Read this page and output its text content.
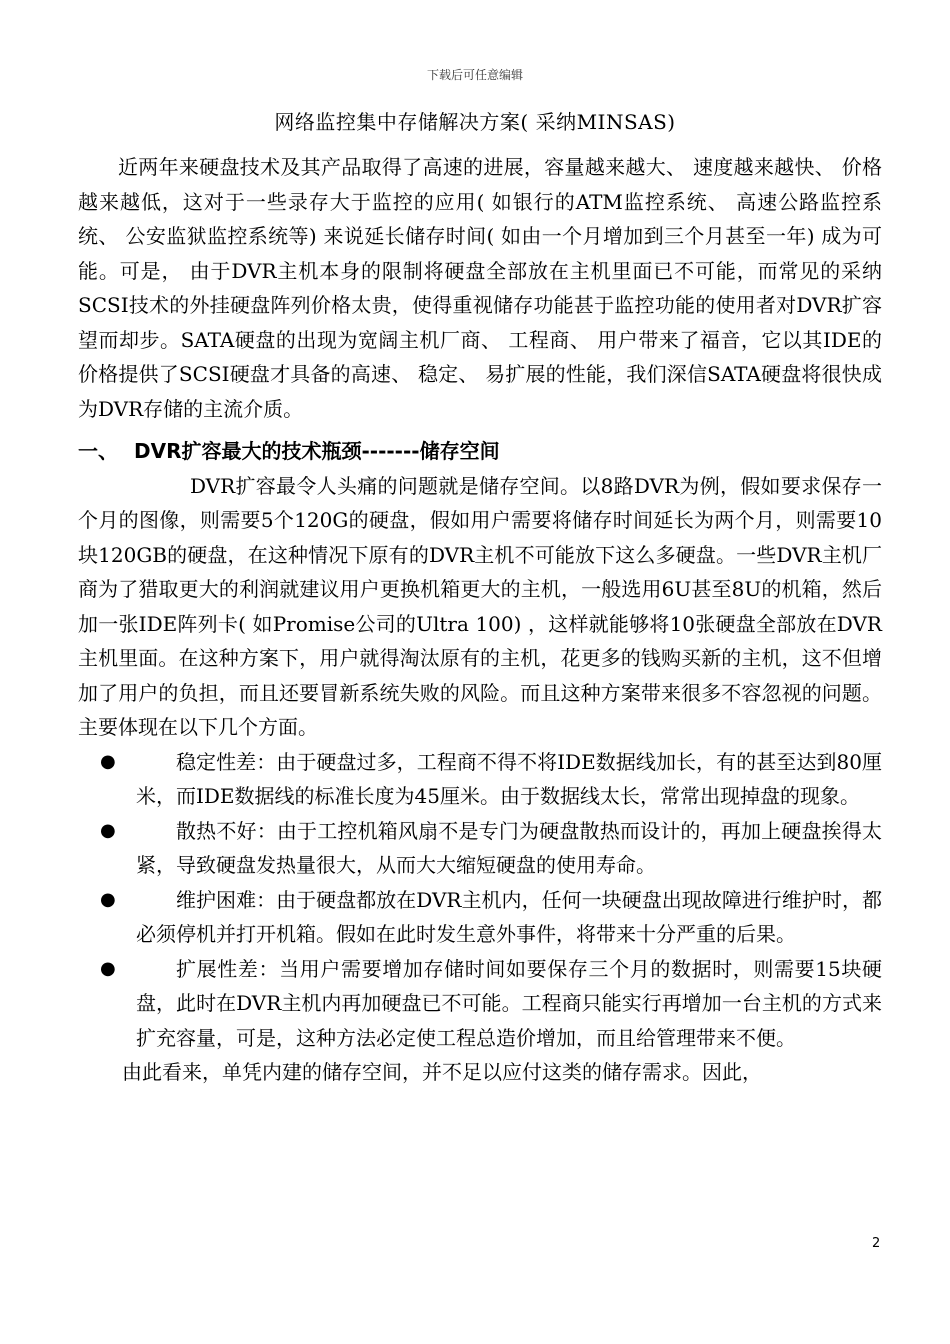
下载后可任意编辑
网络监控集中存储解决方案( 采纳MINSAS)

近两年来硬盘技术及其产品取得了高速的进展，容量越来越大、 速度越来越快、 价格越来越低，这对于一些录存大于监控的应用( 如银行的ATM监控系统、 高速公路监控系统、 公安监狱监控系统等) 来说延长储存时间( 如由一个月增加到三个月甚至一年) 成为可能。可是， 由于DVR主机本身的限制将硬盘全部放在主机里面已不可能，而常见的采纳SCSI技术的外挂硬盘阵列价格太贵，使得重视储存功能甚于监控功能的使用者对DVR扩容望而却步。SATA硬盘的出现为宽阔主机厂商、 工程商、 用户带来了福音，它以其IDE的价格提供了SCSI硬盘才具备的高速、 稳定、 易扩展的性能，我们深信SATA硬盘将很快成为DVR存储的主流介质。

一、 DVR扩容最大的技术瓶颈-------储存空间

DVR扩容最令人头痛的问题就是储存空间。以8路DVR为例，假如要求保存一个月的图像，则需要5个120G的硬盘，假如用户需要将储存时间延长为两个月，则需要10块120GB的硬盘，在这种情况下原有的DVR主机不可能放下这么多硬盘。一些DVR主机厂商为了猎取更大的利润就建议用户更换机箱更大的主机，一般选用6U甚至8U的机箱，然后加一张IDE阵列卡( 如Promise公司的Ultra 100) ，这样就能够将10张硬盘全部放在DVR主机里面。在这种方案下，用户就得淘汰原有的主机，花更多的钱购买新的主机，这不但增加了用户的负担，而且还要冒新系统失败的风险。而且这种方案带来很多不容忽视的问题。主要体现在以下几个方面。

●	稳定性差：由于硬盘过多，工程商不得不将IDE数据线加长，有的甚至达到80厘米，而IDE数据线的标准长度为45厘米。由于数据线太长，常常出现掉盘的现象。
●	散热不好：由于工控机箱风扇不是专门为硬盘散热而设计的，再加上硬盘挨得太紧，导致硬盘发热量很大，从而大大缩短硬盘的使用寿命。
●	维护困难：由于硬盘都放在DVR主机内，任何一块硬盘出现故障进行维护时，都必须停机并打开机箱。假如在此时发生意外事件，将带来十分严重的后果。
●	扩展性差：当用户需要增加存储时间如要保存三个月的数据时，则需要15块硬盘，此时在DVR主机内再加硬盘已不可能。工程商只能实行再增加一台主机的方式来扩充容量，可是，这种方法必定使工程总造价增加，而且给管理带来不便。

由此看来，单凭内建的储存空间，并不足以应付这类的储存需求。因此，

2
